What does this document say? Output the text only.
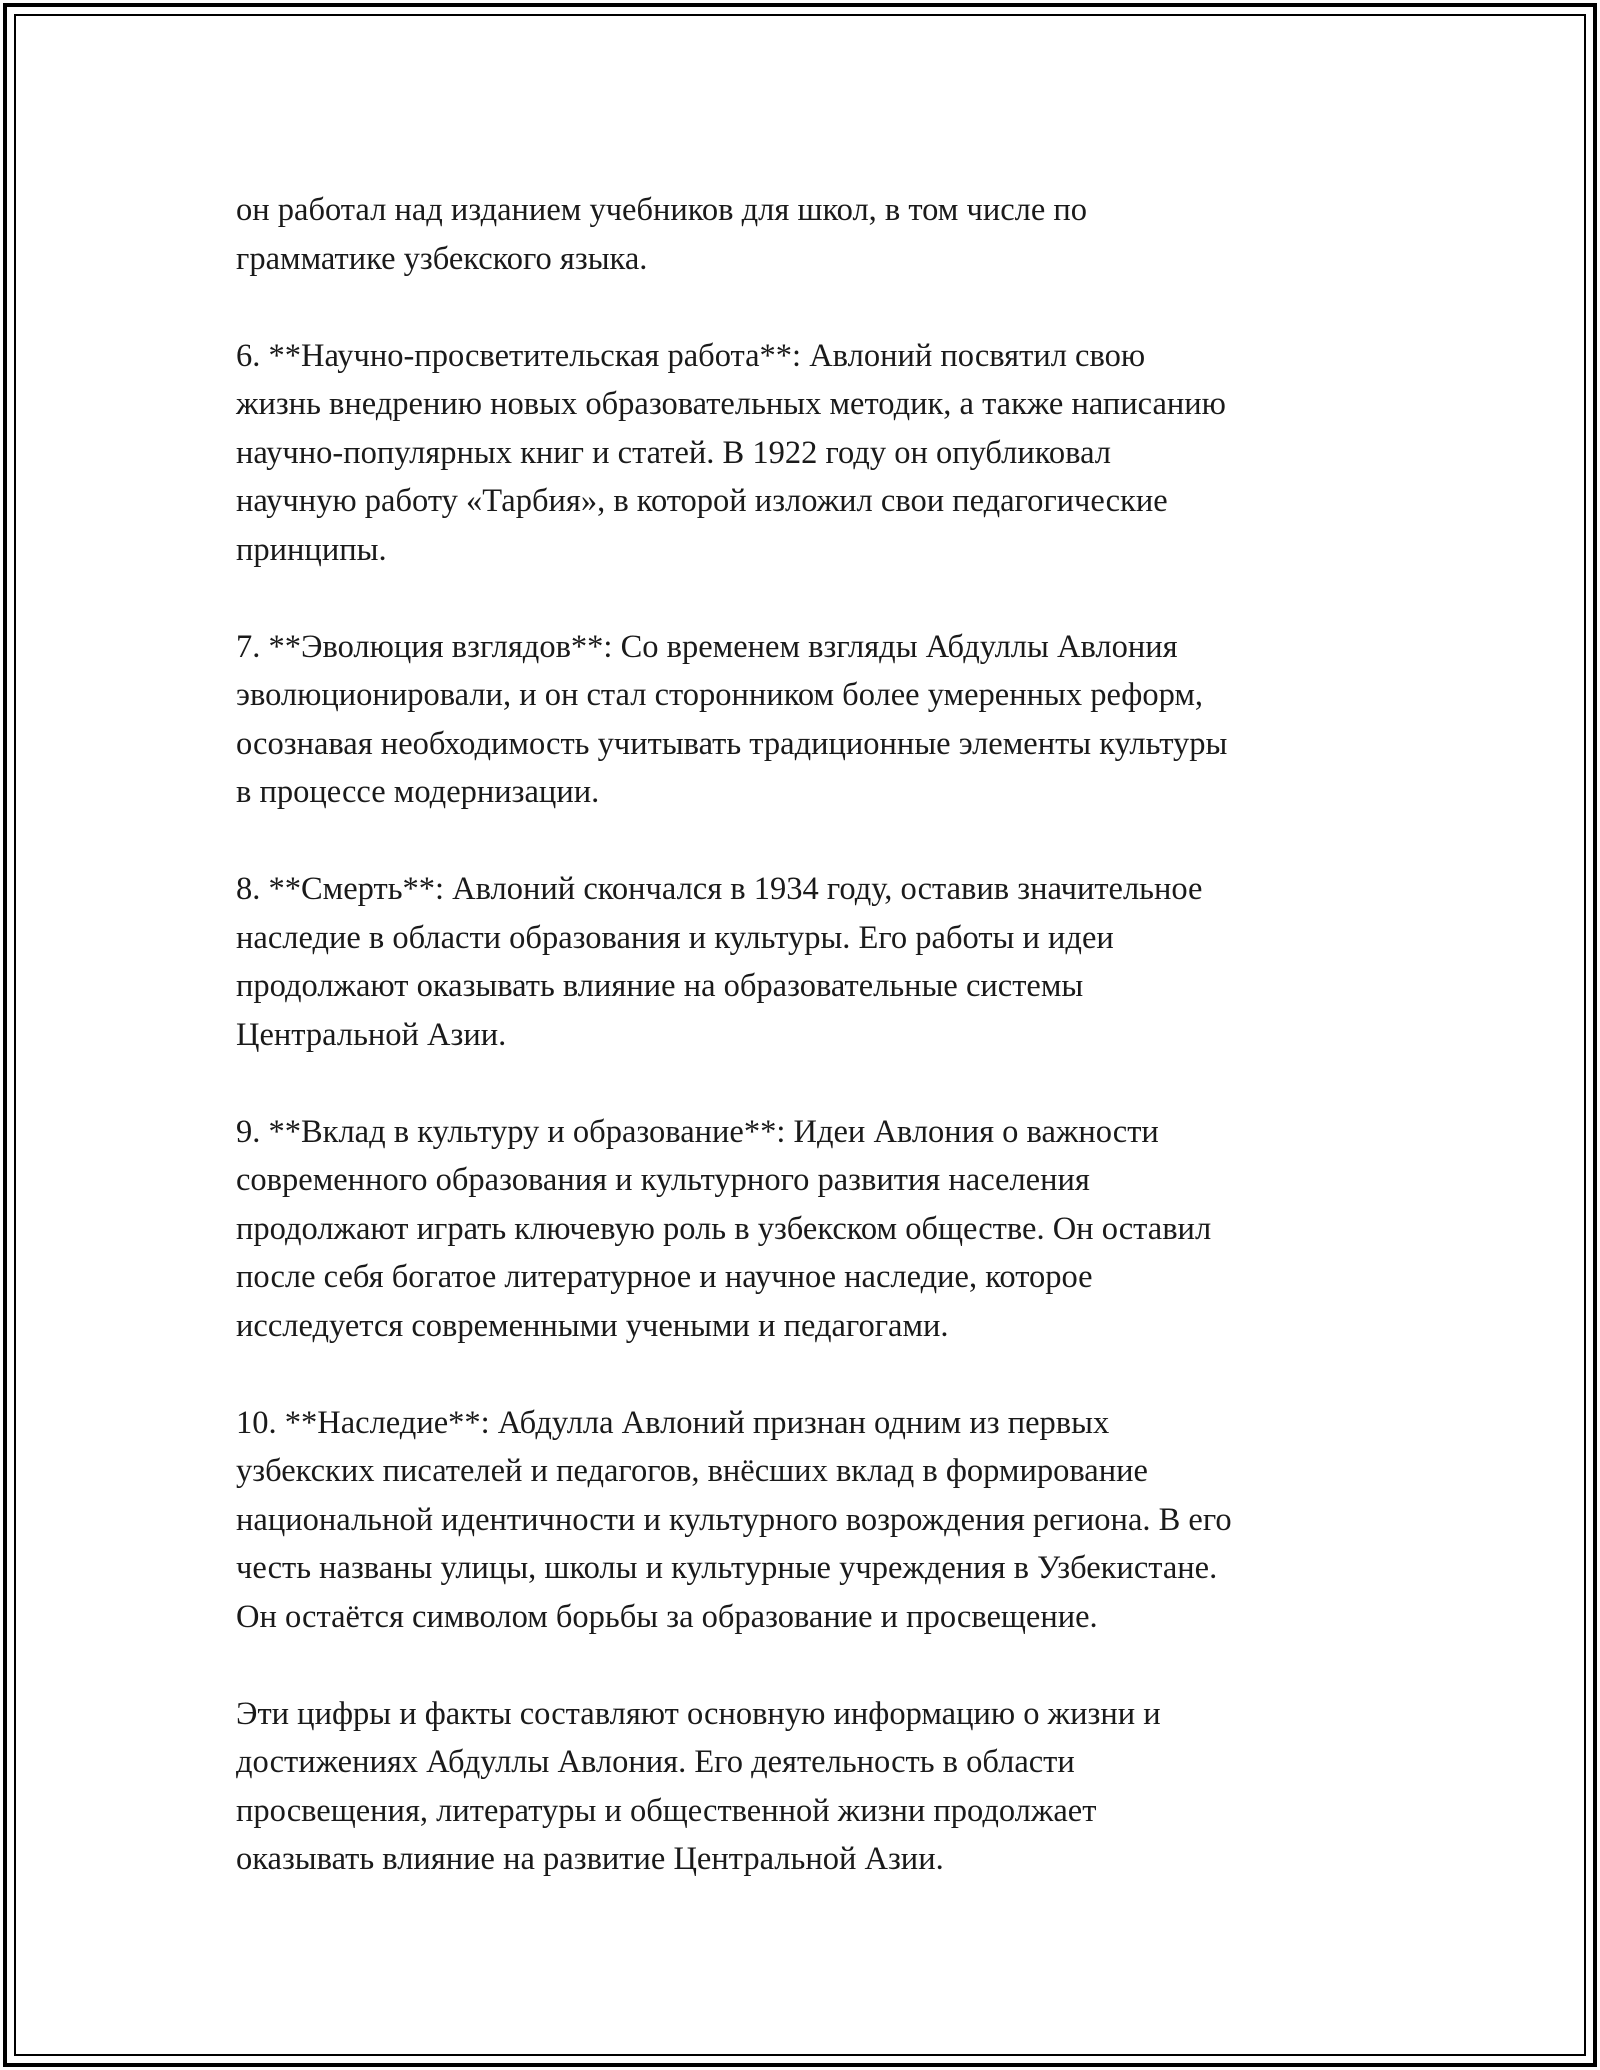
он работал над изданием учебников для школ, в том числе по
грамматике узбекского языка.

6. **Научно-просветительская работа**: Авлоний посвятил свою
жизнь внедрению новых образовательных методик, а также написанию
научно-популярных книг и статей. В 1922 году он опубликовал
научную работу «Тарбия», в которой изложил свои педагогические
принципы.

7. **Эволюция взглядов**: Со временем взгляды Абдуллы Авлония
эволюционировали, и он стал сторонником более умеренных реформ,
осознавая необходимость учитывать традиционные элементы культуры
в процессе модернизации.

8. **Смерть**: Авлоний скончался в 1934 году, оставив значительное
наследие в области образования и культуры. Его работы и идеи
продолжают оказывать влияние на образовательные системы
Центральной Азии.

9. **Вклад в культуру и образование**: Идеи Авлония о важности
современного образования и культурного развития населения
продолжают играть ключевую роль в узбекском обществе. Он оставил
после себя богатое литературное и научное наследие, которое
исследуется современными учеными и педагогами.

10. **Наследие**: Абдулла Авлоний признан одним из первых
узбекских писателей и педагогов, внёсших вклад в формирование
национальной идентичности и культурного возрождения региона. В его
честь названы улицы, школы и культурные учреждения в Узбекистане.
Он остаётся символом борьбы за образование и просвещение.

Эти цифры и факты составляют основную информацию о жизни и
достижениях Абдуллы Авлония. Его деятельность в области
просвещения, литературы и общественной жизни продолжает
оказывать влияние на развитие Центральной Азии.
